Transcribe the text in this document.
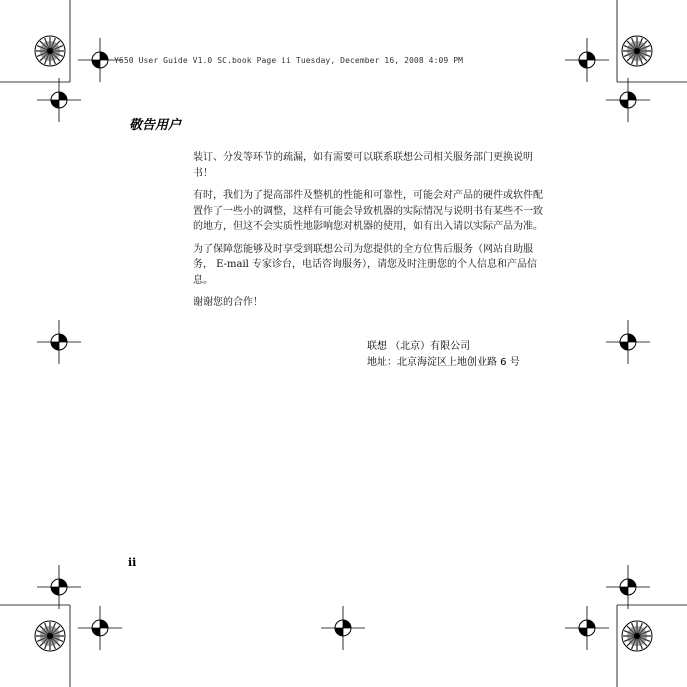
Y650 User Guide V1.0 SC.book Page ii Tuesday, December 16, 2008 4:09 PM
敬告用户

装订、分发等环节的疏漏，如有需要可以联系联想公司相关服务部门更换说明书！

有时，我们为了提高部件及整机的性能和可靠性，可能会对产品的硬件或软件配置作了一些小的调整，这样有可能会导致机器的实际情况与说明书有某些不一致的地方，但这不会实质性地影响您对机器的使用，如有出入请以实际产品为准。

为了保障您能够及时享受到联想公司为您提供的全方位售后服务（网站自助服务， E-mail 专家诊台，电话咨询服务），请您及时注册您的个人信息和产品信息。

谢谢您的合作！

联想 （北京）有限公司
地址：北京海淀区上地创业路 6 号
ii
